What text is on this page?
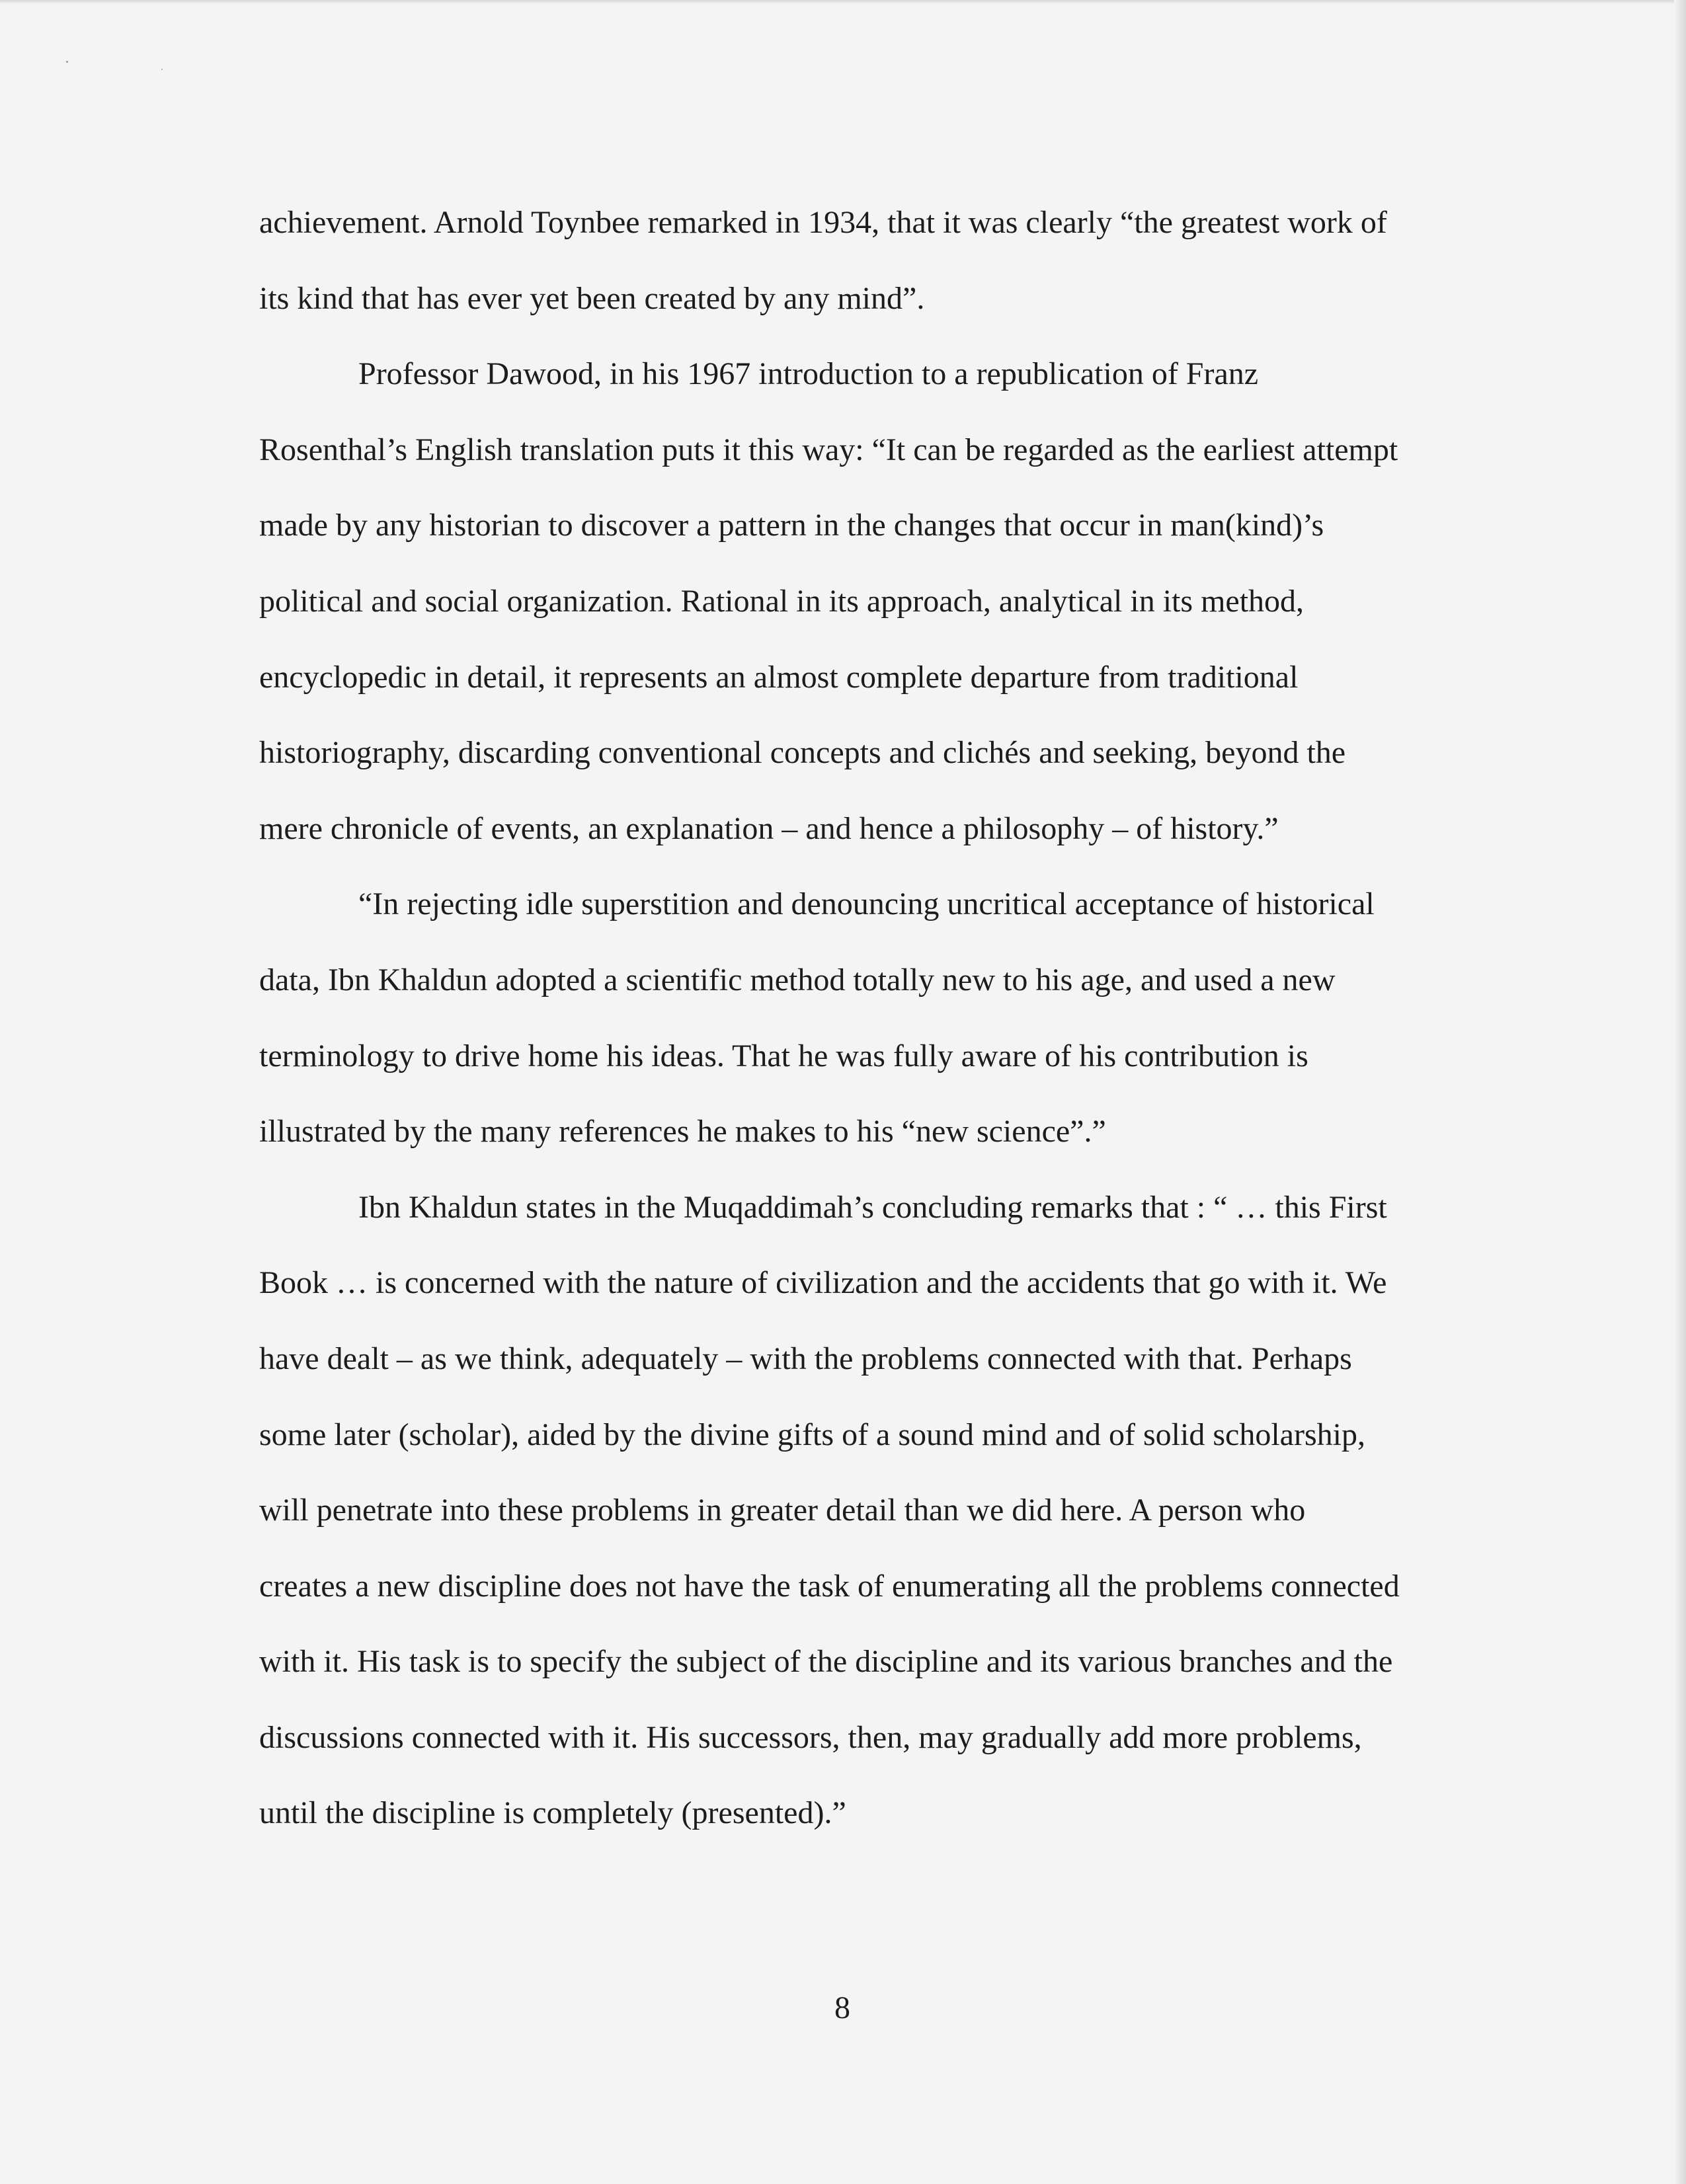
achievement. Arnold Toynbee remarked in 1934, that it was clearly “the greatest work of
its kind that has ever yet been created by any mind”.

Professor Dawood, in his 1967 introduction to a republication of Franz
Rosenthal’s English translation puts it this way: “It can be regarded as the earliest attempt
made by any historian to discover a pattern in the changes that occur in man(kind)’s
political and social organization. Rational in its approach, analytical in its method,
encyclopedic in detail, it represents an almost complete departure from traditional
historiography, discarding conventional concepts and clichés and seeking, beyond the
mere chronicle of events, an explanation – and hence a philosophy – of history.”

“In rejecting idle superstition and denouncing uncritical acceptance of historical
data, Ibn Khaldun adopted a scientific method totally new to his age, and used a new
terminology to drive home his ideas. That he was fully aware of his contribution is
illustrated by the many references he makes to his “new science”.”

Ibn Khaldun states in the Muqaddimah’s concluding remarks that : “ … this First
Book … is concerned with the nature of civilization and the accidents that go with it. We
have dealt – as we think, adequately – with the problems connected with that. Perhaps
some later (scholar), aided by the divine gifts of a sound mind and of solid scholarship,
will penetrate into these problems in greater detail than we did here. A person who
creates a new discipline does not have the task of enumerating all the problems connected
with it. His task is to specify the subject of the discipline and its various branches and the
discussions connected with it. His successors, then, may gradually add more problems,
until the discipline is completely (presented).”

8
